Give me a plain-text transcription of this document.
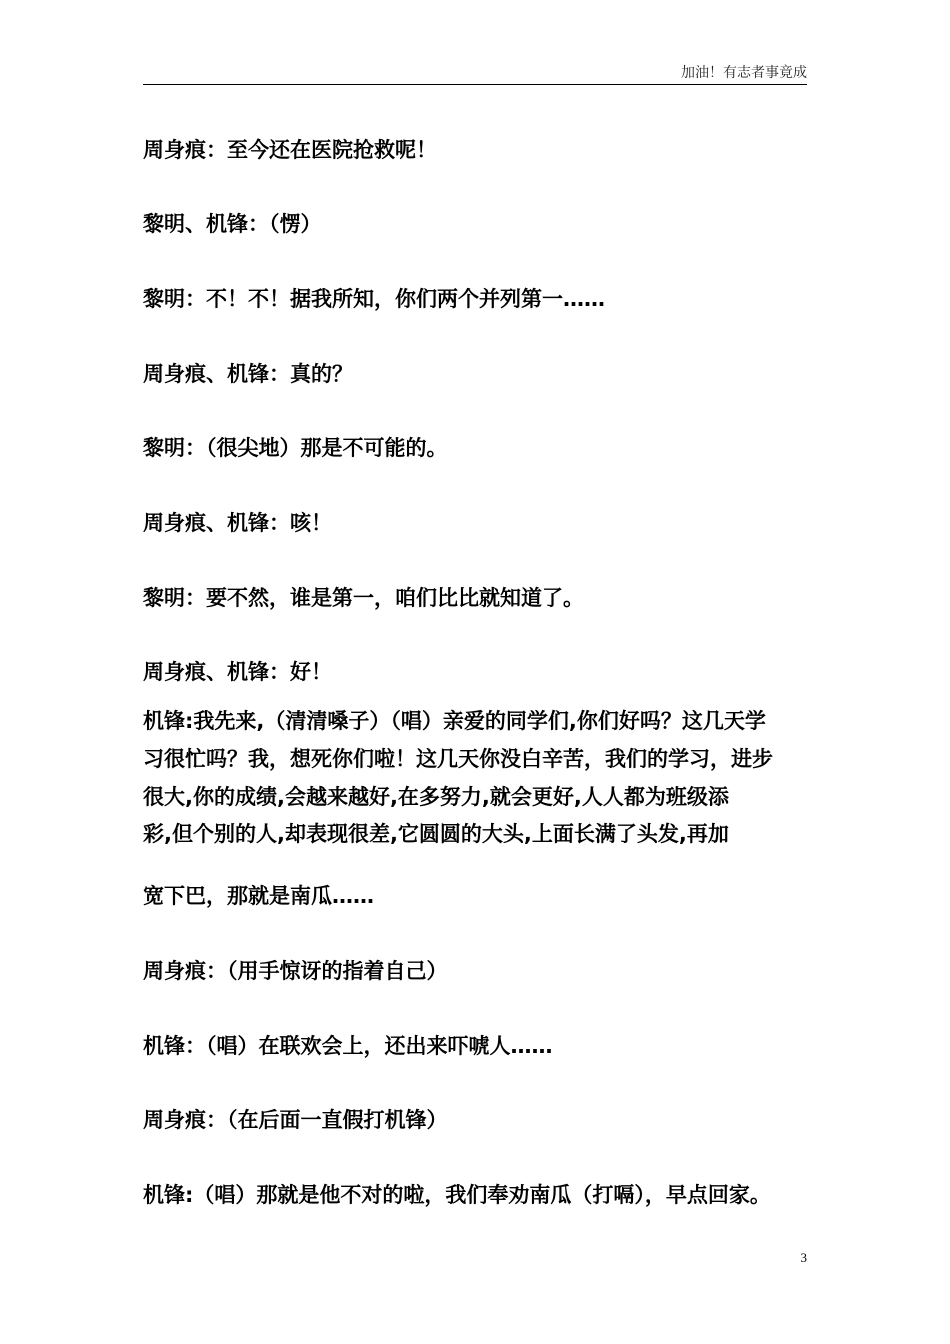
加油！有志者事竟成
周身痕：至今还在医院抢救呢！
黎明、机锋：（愣）
黎明：不！不！据我所知，你们两个并列第一……
周身痕、机锋：真的？
黎明：（很尖地）那是不可能的。
周身痕、机锋：咳！
黎明：要不然，谁是第一，咱们比比就知道了。
周身痕、机锋：好！
机锋:我先来,（清清嗓子）（唱）亲爱的同学们,你们好吗？这几天学
习很忙吗？我，想死你们啦！这几天你没白辛苦，我们的学习，进步
很大,你的成绩,会越来越好,在多努力,就会更好,人人都为班级添
彩,但个别的人,却表现很差,它圆圆的大头,上面长满了头发,再加
宽下巴，那就是南瓜……
周身痕：（用手惊讶的指着自己）
机锋：（唱）在联欢会上，还出来吓唬人……
周身痕：（在后面一直假打机锋）
机锋:（唱）那就是他不对的啦，我们奉劝南瓜（打嗝），早点回家。
3
